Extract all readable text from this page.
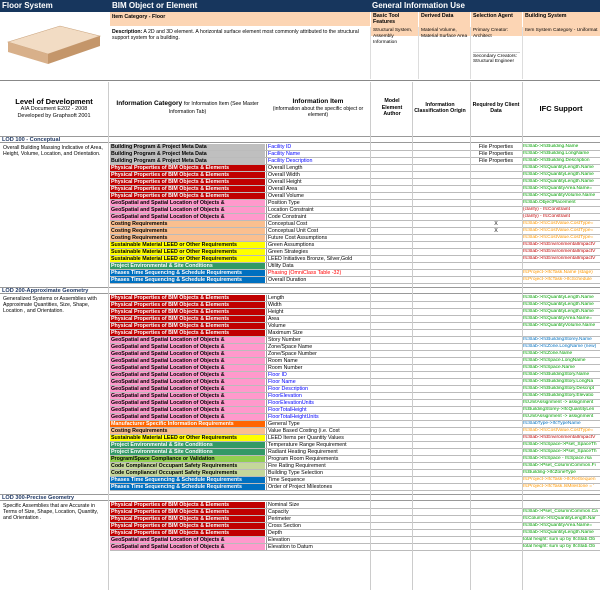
Floor System	BIM Object or Element	General Information Use
Item Category - Floor
Description: A 2D and 3D element. A horizontal surface element most commonly attributed to the structural support system for a building.
Basic Tool Features
Derived Data	Selection Agent	Building System
Structural System, Assembly Information
Material Volume, Material Surface Area
Primary Creator: Architect
Secondary Creators: Structural Engineer
Item System Category - Uniformat
Level of Development
AIA Document E202 - 2008
Developed by Graphsoft 2001
Information Category for Information Item (See Master Information Tab)
Information Item
(information about the specific object or element)
Model Element Author
Information Classification Origin
Required by Client Data	IFC Support
LOD 100 - Conceptual
Building Program & Project Meta Data	Facility ID	File Properties	IfcSlab->IfcBuilding.Name
Building Program & Project Meta Data	Facility Name	File Properties	IfcSlab->IfcBuilding.LongName
Building Program & Project Meta Data	Facility Description	File Properties	IfcSlab->IfcBuilding.Description
Physical Properties of BIM Objects & Elements	Overall Length	IfcSlab->IfcQuantityLength.Name
Physical Properties of BIM Objects & Elements	Overall Width	IfcSlab->IfcQuantityLength.Name
Physical Properties of BIM Objects & Elements	Overall Height	IfcSlab->IfcQuantityLength.Name
Physical Properties of BIM Objects & Elements	Overall Area	IfcSlab->IfcQuantityArea.Name=
Physical Properties of BIM Objects & Elements	Overall Volume	IfcSlab->IfcQuantityVolume.Name
GeoSpatial and Spatial Location of Objects &	Position Type	IfcSlab.ObjectPlacement
GeoSpatial and Spatial Location of Objects &	Location Constraint	(clarify) - IfcConstraint
GeoSpatial and Spatial Location of Objects &	Code Constraint	(clarify) - IfcConstraint
Costing Requirements	Conceptual Cost	X	IfcSlab->IfcCostValue.CostType=
Costing Requirements	Conceptual Unit Cost	X	IfcSlab->IfcCostValue.CostType=
Costing Requirements	Future Cost Assumptions	IfcSlab->IfcCostValue.CostType=
Sustainable Material LEED or Other Requirements	Green Assumptions	IfcSlab->IfcEnvironmentalImpactV
Sustainable Material LEED or Other Requirements	Green Strategies	IfcSlab->IfcEnvironmentalImpactV
Sustainable Material LEED or Other Requirements	LEED Initiatives Bronze, Silver,Gold	IfcSlab->IfcEnvironmentalImpactV
Project Environmental & Site Conditions	Utility Data
Phases Time Sequencing & Schedule Requirements	Phasing (OmniClass Table -32)	IfcProject->IfcTask.Name (stage)
Phases Time Sequencing & Schedule Requirements	Overall Duration	IfcProject->IfcTask->IfcSchedule
Overall Building Massing Indicative of Area, Height, Volume, Location, and Orientation.
LOD 200-Approximate Geometry
Physical Properties of BIM Objects & Elements	Length	IfcSlab->IfcQuantityLength.Name
Physical Properties of BIM Objects & Elements	Width	IfcSlab->IfcQuantityLength.Name
Physical Properties of BIM Objects & Elements	Height	IfcSlab->IfcQuantityLength.Name
Physical Properties of BIM Objects & Elements	Area	IfcSlab->IfcQuantityArea.Name=
Physical Properties of BIM Objects & Elements	Volume	IfcSlab->IfcQuantityVolume.Name
Physical Properties of BIM Objects & Elements	Maximum Size
GeoSpatial and Spatial Location of Objects &	Story Number	IfcSlab->IfcBuildingStorey.Name
GeoSpatial and Spatial Location of Objects &	Zone/Space Name	IfcSlab->IfcZone.LongName (new)
GeoSpatial and Spatial Location of Objects &	Zone/Space Number	IfcSlab->IfcZone.Name
GeoSpatial and Spatial Location of Objects &	Room Name	IfcSlab->IfcSpace.LongName
GeoSpatial and Spatial Location of Objects &	Room Number	IfcSlab->IfcSpace.Name
GeoSpatial and Spatial Location of Objects &	Floor ID	IfcSlab->IfcBuildingStory.Name
GeoSpatial and Spatial Location of Objects &	Floor Name	IfcSlab->IfcBuildingStory.LongNa
GeoSpatial and Spatial Location of Objects &	Floor Description	IfcSlab->IfcBuildingStory.Descript
GeoSpatial and Spatial Location of Objects &	FloorElevation	IfcSlab->IfcBuildingStory.Elevatio
GeoSpatial and Spatial Location of Objects &	FloorElevationUnits	IfcUnitAssignment -> assignment
GeoSpatial and Spatial Location of Objects &	FloorTotalHeight	IfcBuildingStorey->IfcQuantityLen
GeoSpatial and Spatial Location of Objects &	FloorTotalHeightUnits	IfcUnitAssignment -> assignment
Manufacturer Specific Information Requirements	General Type	IfcSlabType->IfcTypeName
Costing Requirements	Value Based Costing (i.e. Cost	IfcSlab->IfcCostValue.CostType=
Sustainable Material LEED or Other Requirements	LEED Items per Quantity Values	IfcSlab->IfcEnvironmentalImpactV
Project Environmental & Site Conditions	Temperature Range Requirement	IfcSlab->IfcSpace->Pset_SpaceTh
Project Environmental & Site Conditions	Radiant Heating Requirement	IfcSlab->IfcSpace->Pset_SpaceTh
Program/Space Compliance or Validation	Program Room Requirements	IfcSlab->IfcSpace - IfcSpace.rsa
Code Compliance/ Occupant Safety Requirements	Fire Rating Requirement	IfcSlab->Pset_ColumnCommon.Fi
Code Compliance/ Occupant Safety Requirements	Building Type Selection	IfcBuilding->IfcZoneType
Phases Time Sequencing & Schedule Requirements	Time Sequence	IfcProject->IfcTask->IfcRelSequen
Phases Time Sequencing & Schedule Requirements	Order of Project Milestones	IfcProject->IfcTask.IsMilestone = '
Generalized Systems or Assemblies with Approximate Quantities, Size, Shape, Location , and Orientation.
LOD 300-Precise Geometry
Physical Properties of BIM Objects & Elements	Nominal Size
Physical Properties of BIM Objects & Elements	Capacity	IfcSlab->Pset_ColumnCommon.Ca
Physical Properties of BIM Objects & Elements	Perimeter	IfcColumn->IfcQuantityLength.Nar
Physical Properties of BIM Objects & Elements	Cross Section	IfcSlab->IfcQuantityArea.Name=
Physical Properties of BIM Objects & Elements	Depth	IfcSlab->IfcQuantityLength.Name
GeoSpatial and Spatial Location of Objects &	Elevation	total height: sum up by IfcSlab.Ob
GeoSpatial and Spatial Location of Objects &	Elevation to Datum	total height: sum up by IfcSlab.Ob
Specific Assemblies that are Accurate in Terms of Size, Shape, Location, Quantity, and Orientation .
